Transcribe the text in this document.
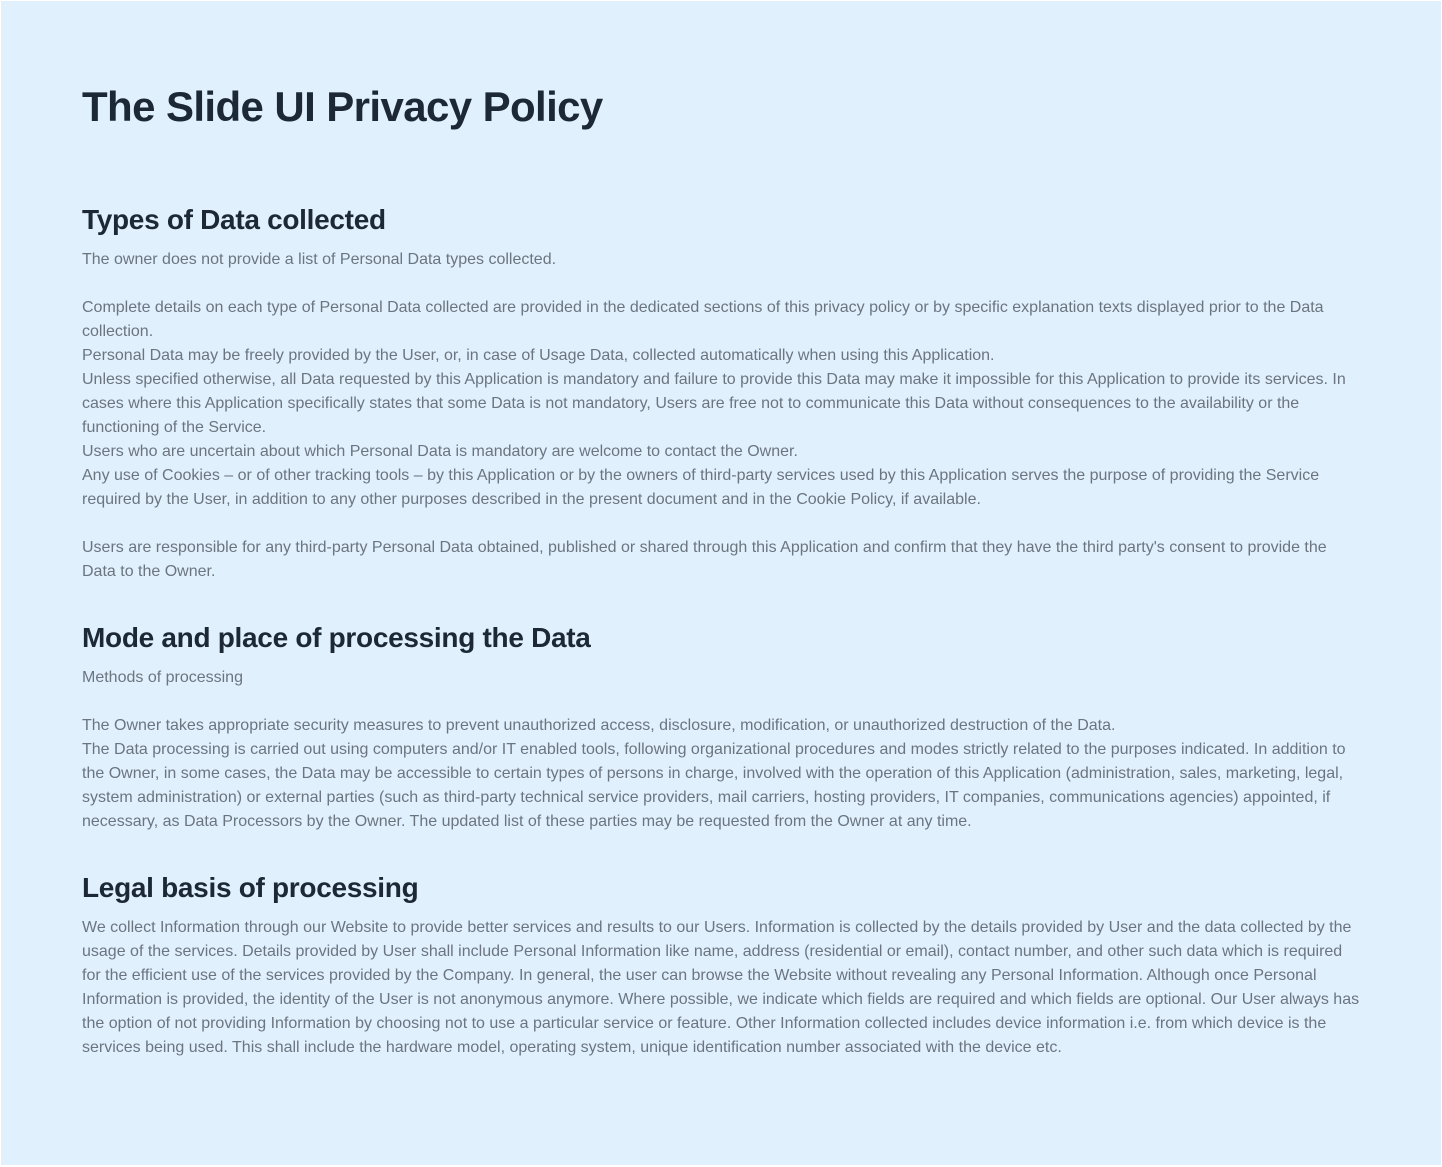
The Slide UI Privacy Policy
Types of Data collected

The owner does not provide a list of Personal Data types collected.

Complete details on each type of Personal Data collected are provided in the dedicated sections of this privacy policy or by specific explanation texts displayed prior to the Data collection.

Personal Data may be freely provided by the User, or, in case of Usage Data, collected automatically when using this Application.

Unless specified otherwise, all Data requested by this Application is mandatory and failure to provide this Data may make it impossible for this Application to provide its services. In cases where this Application specifically states that some Data is not mandatory, Users are free not to communicate this Data without consequences to the availability or the functioning of the Service.

Users who are uncertain about which Personal Data is mandatory are welcome to contact the Owner.

Any use of Cookies – or of other tracking tools – by this Application or by the owners of third-party services used by this Application serves the purpose of providing the Service required by the User, in addition to any other purposes described in the present document and in the Cookie Policy, if available.

Users are responsible for any third-party Personal Data obtained, published or shared through this Application and confirm that they have the third party's consent to provide the Data to the Owner.

Mode and place of processing the Data

Methods of processing

The Owner takes appropriate security measures to prevent unauthorized access, disclosure, modification, or unauthorized destruction of the Data.

The Data processing is carried out using computers and/or IT enabled tools, following organizational procedures and modes strictly related to the purposes indicated. In addition to the Owner, in some cases, the Data may be accessible to certain types of persons in charge, involved with the operation of this Application (administration, sales, marketing, legal, system administration) or external parties (such as third-party technical service providers, mail carriers, hosting providers, IT companies, communications agencies) appointed, if necessary, as Data Processors by the Owner. The updated list of these parties may be requested from the Owner at any time.

Legal basis of processing

We collect Information through our Website to provide better services and results to our Users. Information is collected by the details provided by User and the data collected by the usage of the services. Details provided by User shall include Personal Information like name, address (residential or email), contact number, and other such data which is required for the efficient use of the services provided by the Company. In general, the user can browse the Website without revealing any Personal Information. Although once Personal Information is provided, the identity of the User is not anonymous anymore. Where possible, we indicate which fields are required and which fields are optional. Our User always has the option of not providing Information by choosing not to use a particular service or feature. Other Information collected includes device information i.e. from which device is the services being used. This shall include the hardware model, operating system, unique identification number associated with the device etc.
